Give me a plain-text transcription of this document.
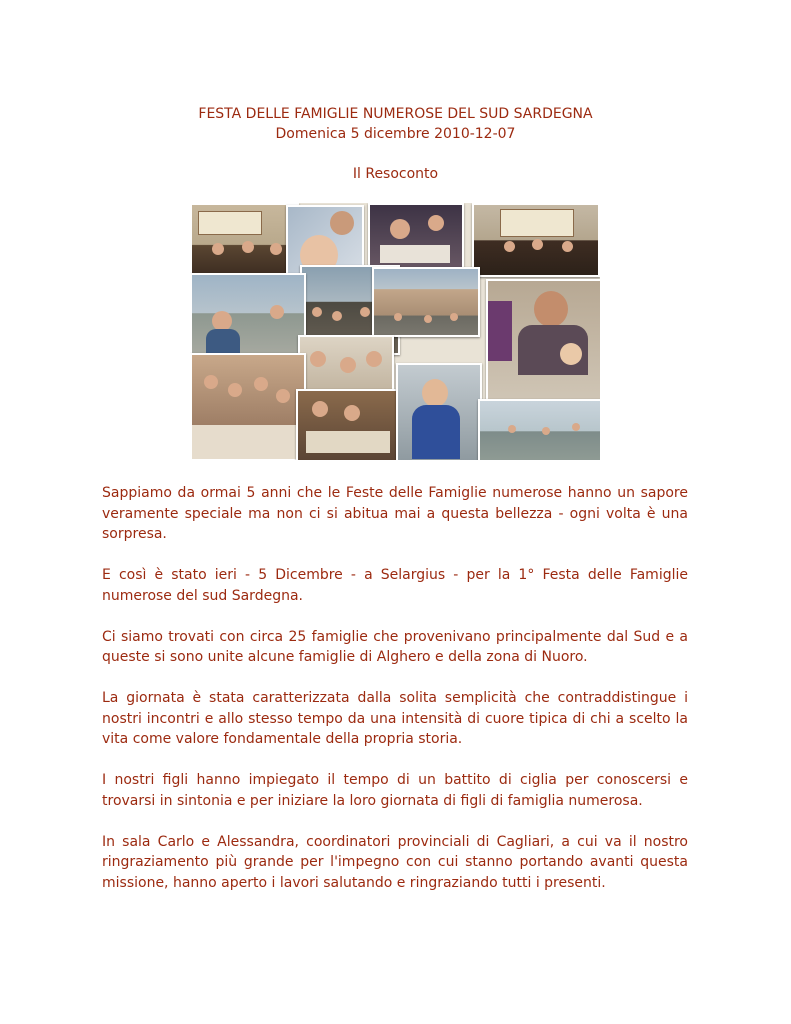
FESTA DELLE FAMIGLIE NUMEROSE DEL SUD SARDEGNA
Domenica 5 dicembre 2010-12-07
Il Resoconto

Sappiamo da ormai 5 anni che le Feste delle Famiglie numerose hanno un sapore veramente speciale ma non ci si abitua mai a questa bellezza - ogni volta è una sorpresa.

E così è stato ieri - 5 Dicembre - a Selargius - per la 1° Festa delle Famiglie numerose del sud Sardegna.

Ci siamo trovati con circa 25 famiglie che provenivano principalmente dal Sud e a queste si sono unite alcune famiglie di Alghero e della zona di Nuoro.

La giornata è stata caratterizzata dalla solita semplicità che contraddistingue i nostri incontri e allo stesso tempo da una intensità di cuore tipica di chi a scelto la vita come valore fondamentale della propria storia.

I nostri figli hanno impiegato il tempo di un battito di ciglia per conoscersi e trovarsi in sintonia e per iniziare la loro giornata di figli di famiglia numerosa.

In sala Carlo e Alessandra, coordinatori provinciali di Cagliari, a cui va il nostro ringraziamento più grande per l'impegno con cui stanno portando avanti questa missione, hanno aperto i lavori salutando e ringraziando tutti i presenti.
